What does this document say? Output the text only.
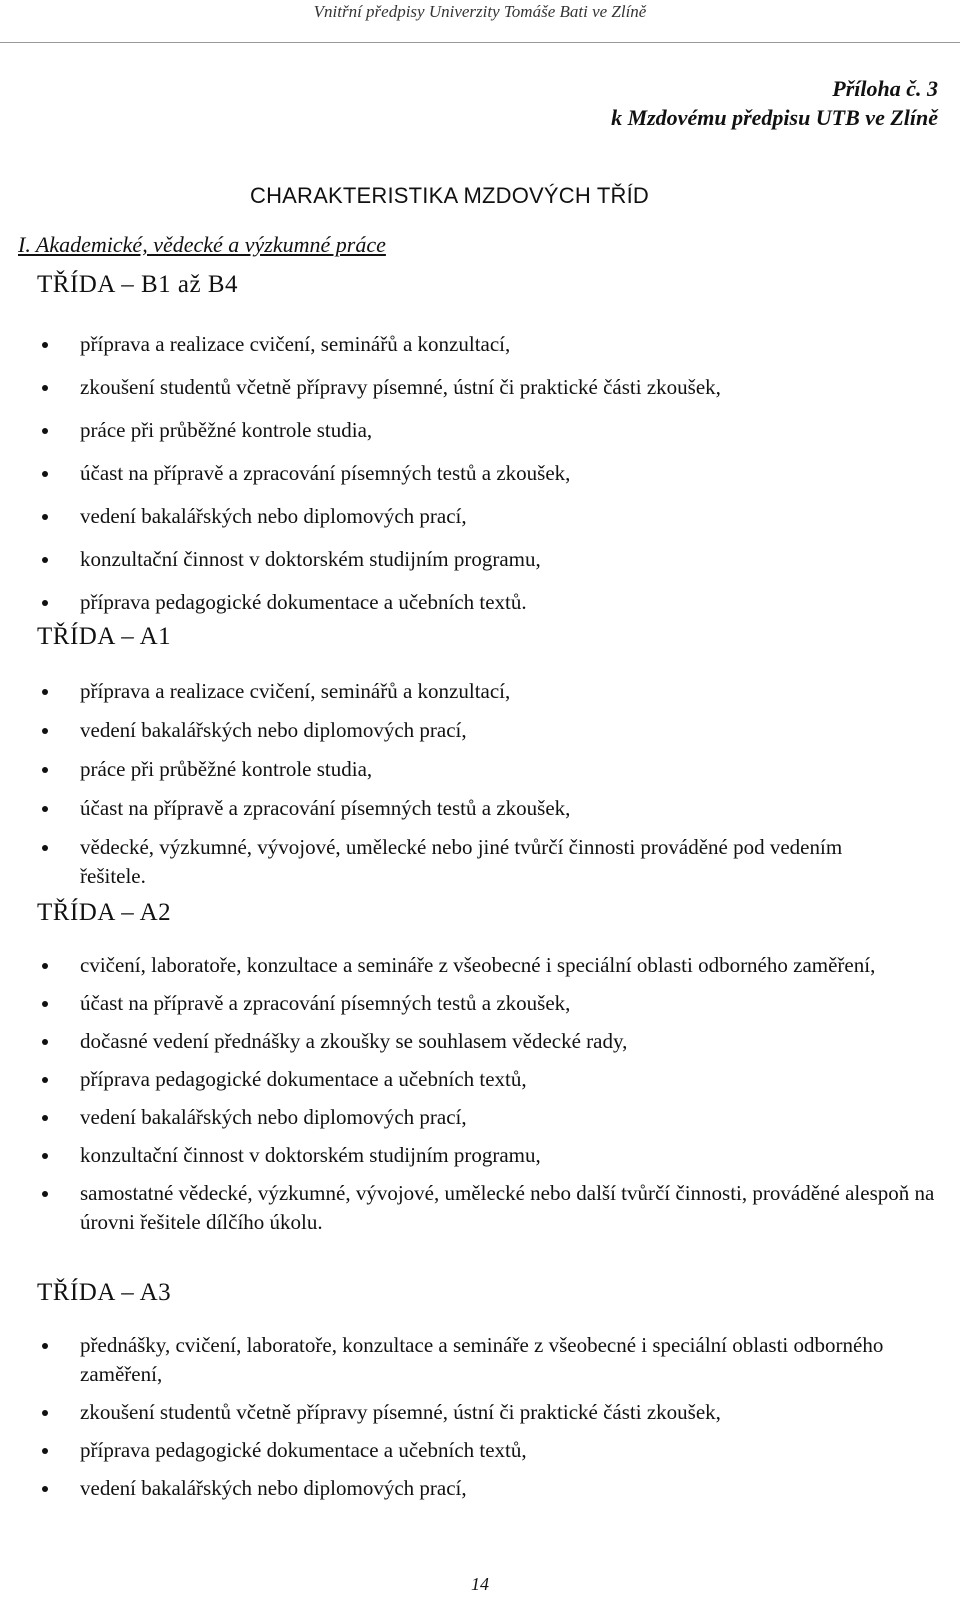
Vnitřní předpisy Univerzity Tomáše Bati ve Zlíně
Příloha č. 3
k Mzdovému předpisu UTB ve Zlíně
CHARAKTERISTIKA MZDOVÝCH TŘÍD
I. Akademické, vědecké a výzkumné práce
TŘÍDA – B1 až B4
příprava a realizace cvičení, seminářů a konzultací,
zkoušení studentů včetně přípravy písemné, ústní či praktické části zkoušek,
práce při průběžné kontrole studia,
účast na přípravě a zpracování písemných testů a zkoušek,
vedení bakalářských nebo diplomových prací,
konzultační činnost v doktorském studijním programu,
příprava pedagogické dokumentace a učebních textů.
TŘÍDA – A1
příprava a realizace cvičení, seminářů a konzultací,
vedení bakalářských nebo diplomových prací,
práce při průběžné kontrole studia,
účast na přípravě a zpracování písemných testů a zkoušek,
vědecké, výzkumné, vývojové, umělecké nebo jiné tvůrčí činnosti prováděné pod vedením řešitele.
TŘÍDA – A2
cvičení, laboratoře, konzultace a semináře z všeobecné i speciální oblasti odborného zaměření,
účast na přípravě a zpracování písemných testů a zkoušek,
dočasné vedení přednášky a zkoušky se souhlasem vědecké rady,
příprava pedagogické dokumentace a učebních textů,
vedení bakalářských nebo diplomových prací,
konzultační činnost v doktorském studijním programu,
samostatné vědecké, výzkumné, vývojové, umělecké nebo další tvůrčí činnosti, prováděné alespoň na úrovni řešitele dílčího úkolu.
TŘÍDA – A3
přednášky, cvičení, laboratoře, konzultace a semináře z všeobecné i speciální oblasti odborného zaměření,
zkoušení studentů včetně přípravy písemné, ústní či praktické části zkoušek,
příprava pedagogické dokumentace a učebních textů,
vedení bakalářských nebo diplomových prací,
14
